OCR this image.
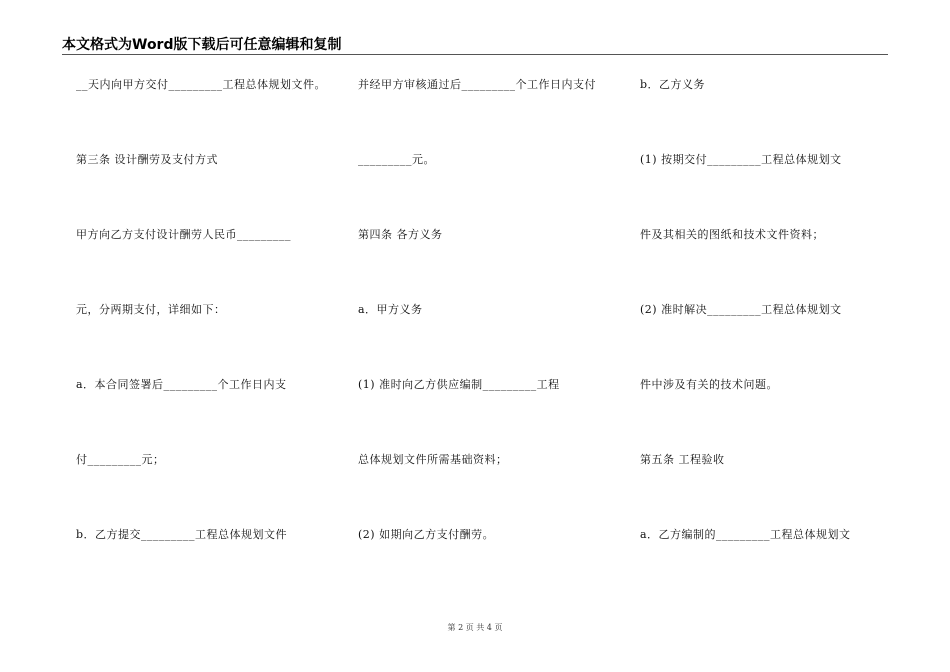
本文格式为Word版下载后可任意编辑和复制
__天内向甲方交付_________工程总体规划文件。
第三条 设计酬劳及支付方式
甲方向乙方支付设计酬劳人民币_________
元，分两期支付，详细如下：
a．本合同签署后_________个工作日内支
付_________元；
b．乙方提交_________工程总体规划文件
并经甲方审核通过后_________个工作日内支付
_________元。
第四条 各方义务
a．甲方义务
(1) 准时向乙方供应编制_________工程
总体规划文件所需基础资料；
(2) 如期向乙方支付酬劳。
b．乙方义务
(1) 按期交付_________工程总体规划文
件及其相关的图纸和技术文件资料；
(2) 准时解决_________工程总体规划文
件中涉及有关的技术问题。
第五条 工程验收
a．乙方编制的_________工程总体规划文
第 2 页 共 4 页
